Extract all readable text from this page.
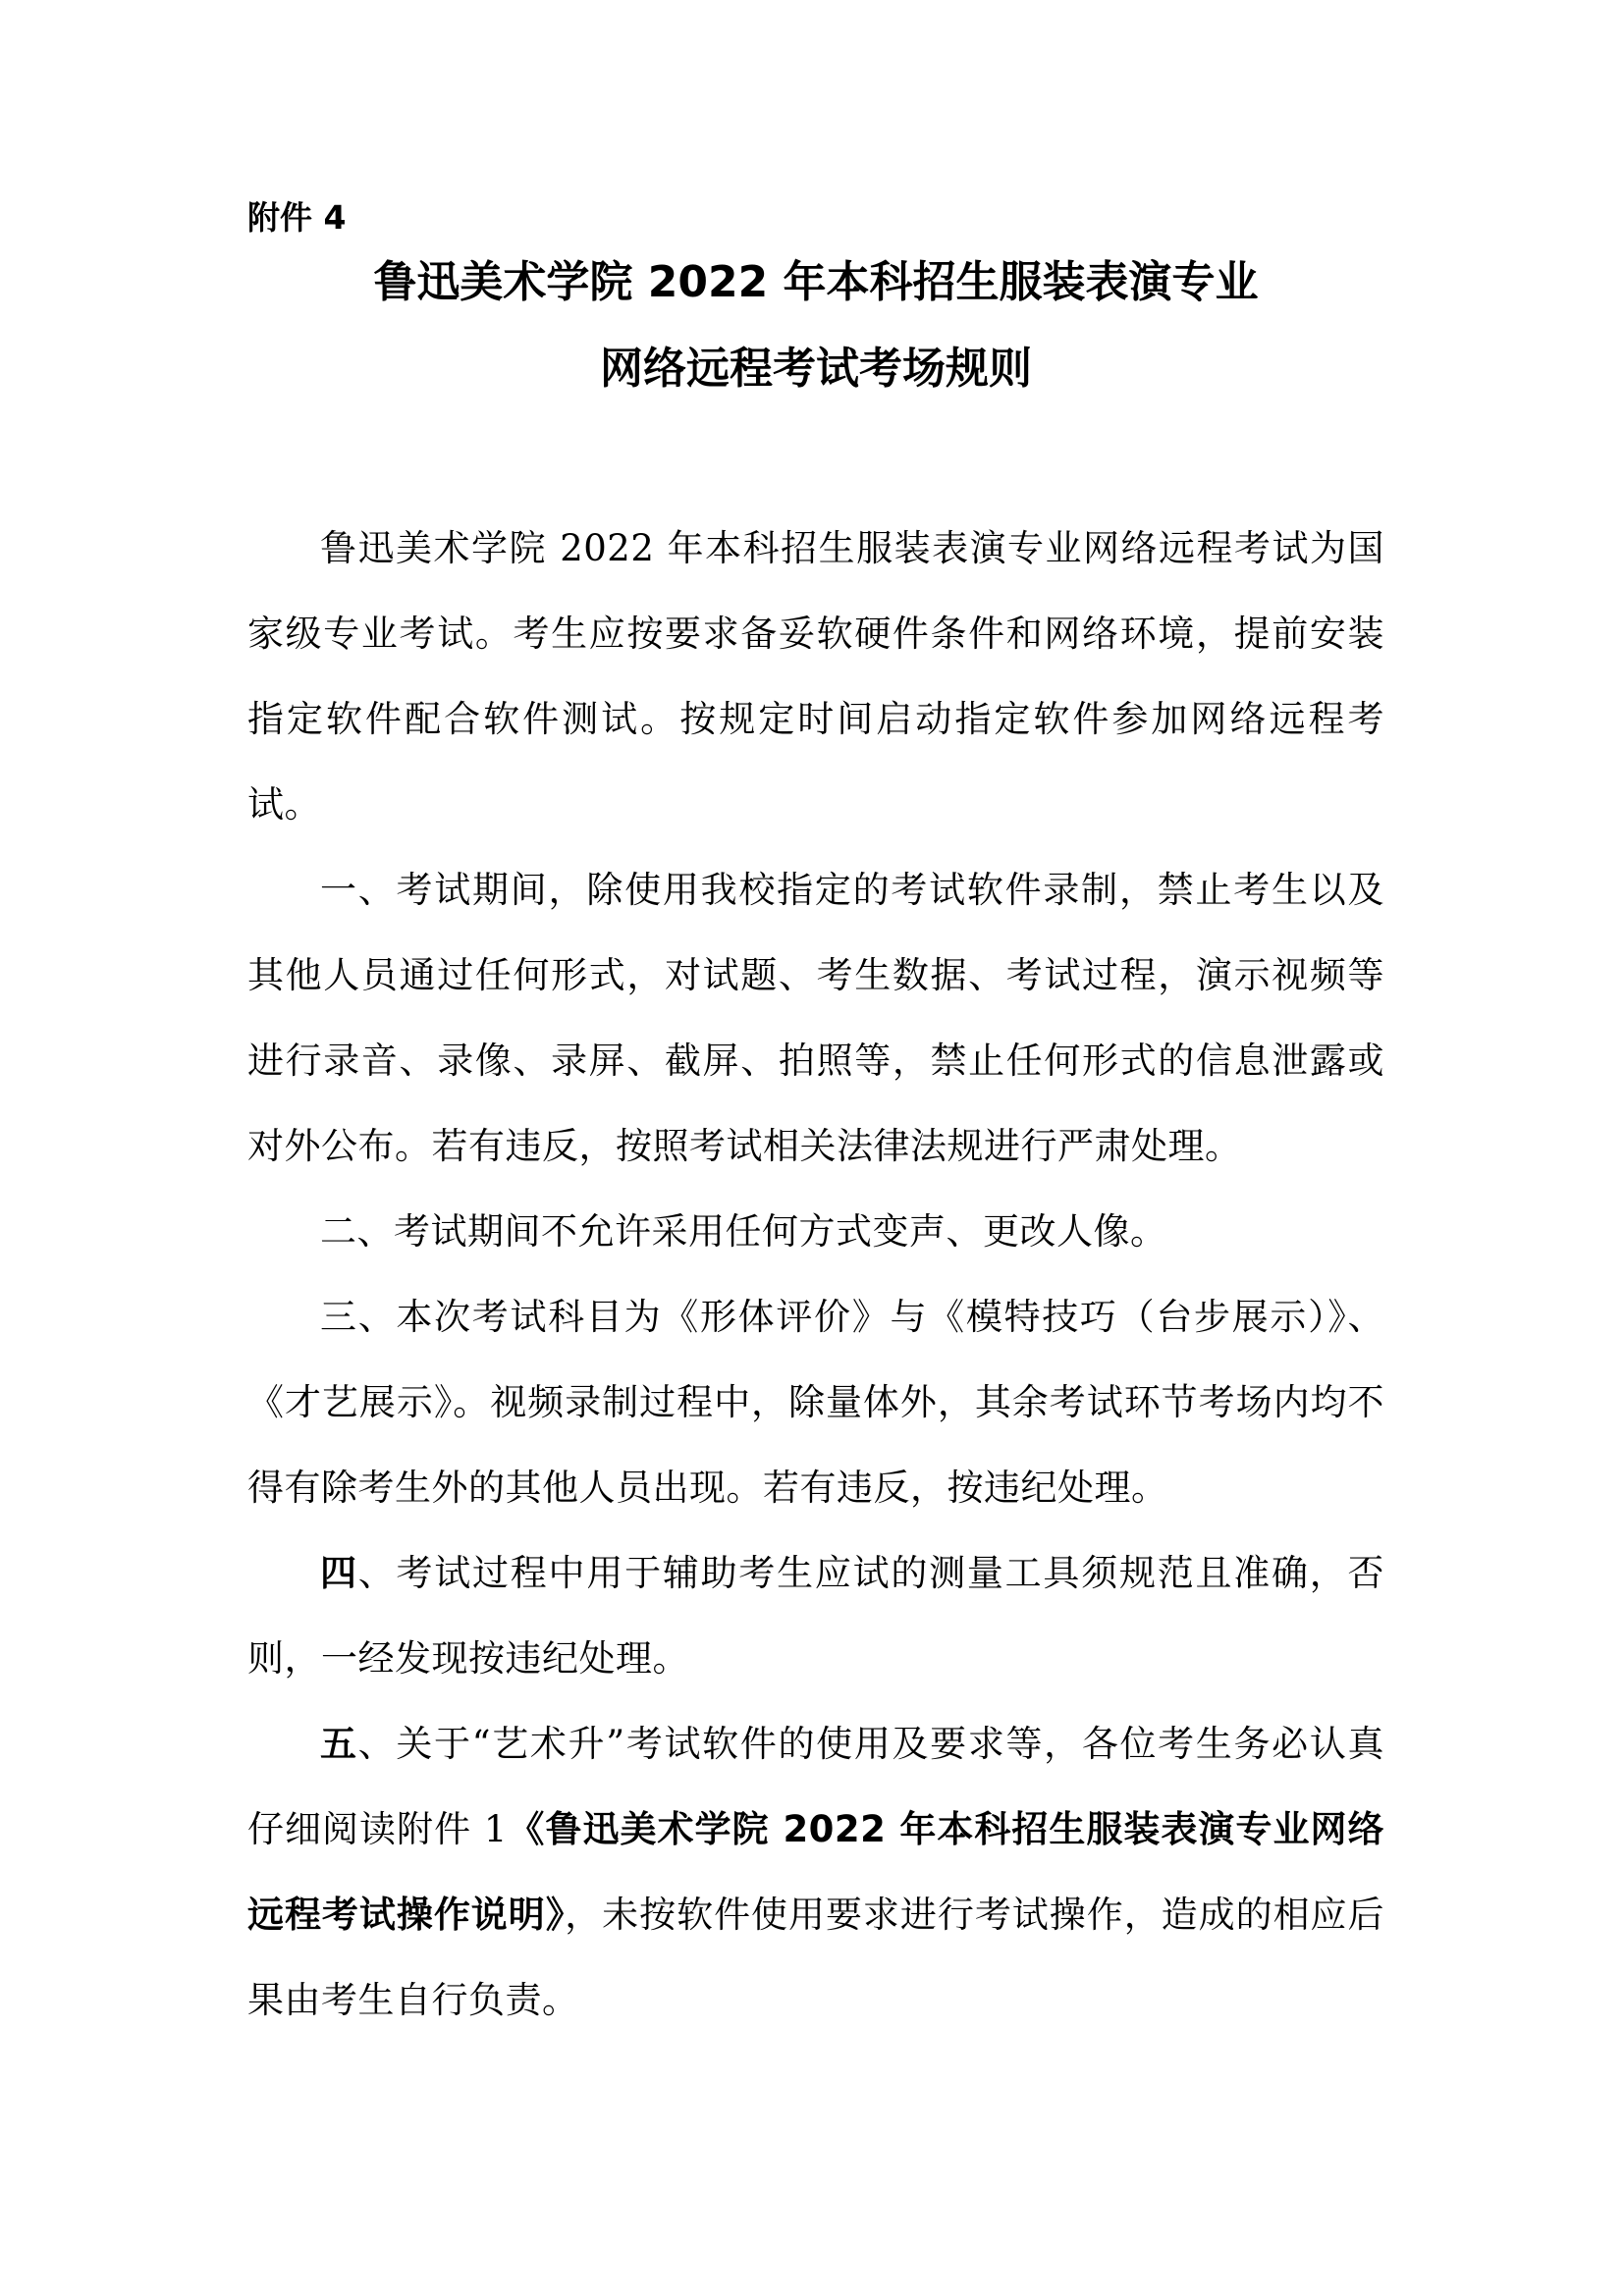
附件 4

鲁迅美术学院 2022 年本科招生服装表演专业

网络远程考试考场规则

鲁迅美术学院 2022 年本科招生服装表演专业网络远程考试为国家级专业考试。考生应按要求备妥软硬件条件和网络环境，提前安装指定软件配合软件测试。按规定时间启动指定软件参加网络远程考试。

一、考试期间，除使用我校指定的考试软件录制，禁止考生以及其他人员通过任何形式，对试题、考生数据、考试过程，演示视频等进行录音、录像、录屏、截屏、拍照等，禁止任何形式的信息泄露或对外公布。若有违反，按照考试相关法律法规进行严肃处理。

二、考试期间不允许采用任何方式变声、更改人像。

三、本次考试科目为《形体评价》与《模特技巧（台步展示）》、《才艺展示》。视频录制过程中，除量体外，其余考试环节考场内均不得有除考生外的其他人员出现。若有违反，按违纪处理。

四、考试过程中用于辅助考生应试的测量工具须规范且准确，否则，一经发现按违纪处理。

五、关于“艺术升”考试软件的使用及要求等，各位考生务必认真仔细阅读附件 1《鲁迅美术学院 2022 年本科招生服装表演专业网络远程考试操作说明》，未按软件使用要求进行考试操作，造成的相应后果由考生自行负责。
